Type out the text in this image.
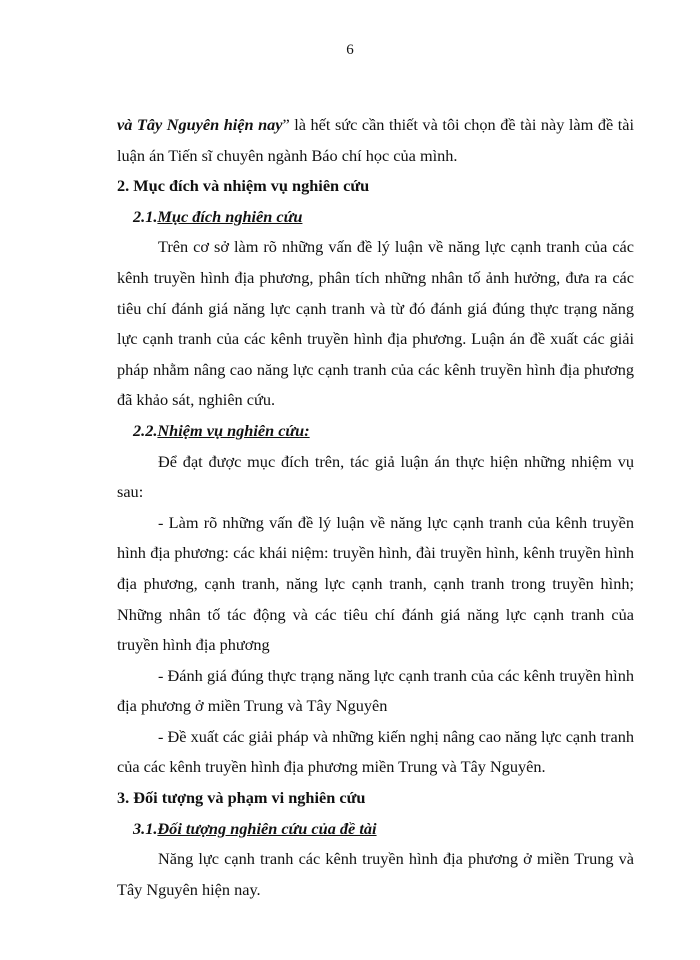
6

và Tây Nguyên hiện nay” là hết sức cần thiết và tôi chọn đề tài này làm đề tài luận án Tiến sĩ chuyên ngành Báo chí học của mình.

2. Mục đích và nhiệm vụ nghiên cứu

2.1.Mục đích nghiên cứu

Trên cơ sở làm rõ những vấn đề lý luận về năng lực cạnh tranh của các kênh truyền hình địa phương, phân tích những nhân tố ảnh hưởng, đưa ra các tiêu chí đánh giá năng lực cạnh tranh và từ đó đánh giá đúng thực trạng năng lực cạnh tranh của các kênh truyền hình địa phương. Luận án đề xuất các giải pháp nhằm nâng cao năng lực cạnh tranh của các kênh truyền hình địa phương đã khảo sát, nghiên cứu.

2.2.Nhiệm vụ nghiên cứu:

Để đạt được mục đích trên, tác giả luận án thực hiện những nhiệm vụ sau:

- Làm rõ những vấn đề lý luận về năng lực cạnh tranh của kênh truyền hình địa phương: các khái niệm: truyền hình, đài truyền hình, kênh truyền hình địa phương, cạnh tranh, năng lực cạnh tranh, cạnh tranh trong truyền hình; Những nhân tố tác động và các tiêu chí đánh giá năng lực cạnh tranh của truyền hình địa phương

- Đánh giá đúng thực trạng năng lực cạnh tranh của các kênh truyền hình địa phương ở miền Trung và Tây Nguyên

- Đề xuất các giải pháp và những kiến nghị nâng cao năng lực cạnh tranh của các kênh truyền hình địa phương miền Trung và Tây Nguyên.

3. Đối tượng và phạm vi nghiên cứu

3.1.Đối tượng nghiên cứu của đề tài

Năng lực cạnh tranh các kênh truyền hình địa phương ở miền Trung và Tây Nguyên hiện nay.
